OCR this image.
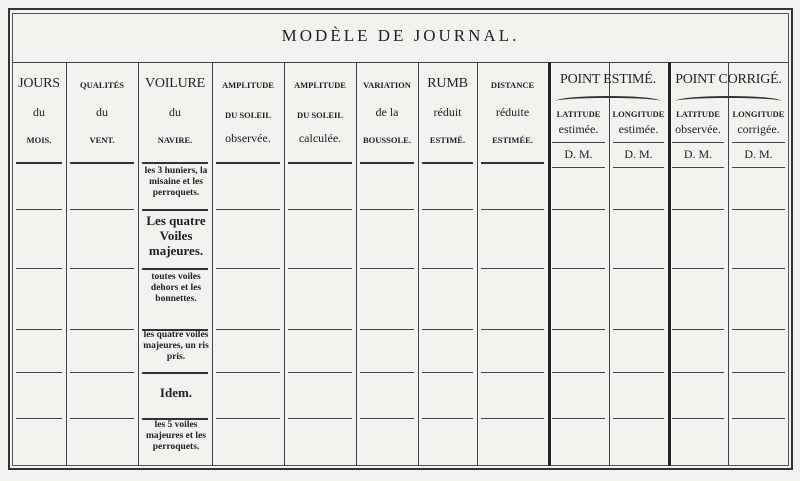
MODÈLE DE JOURNAL.
JOURS
du
MOIS.
QUALITÉS
du
VENT.
VOILURE
du
NAVIRE.
AMPLITUDE
DU SOLEIL
observée.
AMPLITUDE
DU SOLEIL
calculée.
VARIATION
de la
BOUSSOLE.
RUMB
réduit
ESTIMÉ.
DISTANCE
réduite
ESTIMÉE.
POINT ESTIMÉ.
LATITUDE
estimée.
D. M.
LONGITUDE
estimée.
D. M.
POINT CORRIGÉ.
LATITUDE
observée.
D. M.
LONGITUDE
corrigée.
D. M.
les 3 huniers, la misaine et les perroquets.
Les quatre Voiles majeures.
toutes voiles dehors et les bonnettes.
les quatre voiles majeures, un ris pris.
Idem.
les 5 voiles majeures et les perroquets.
